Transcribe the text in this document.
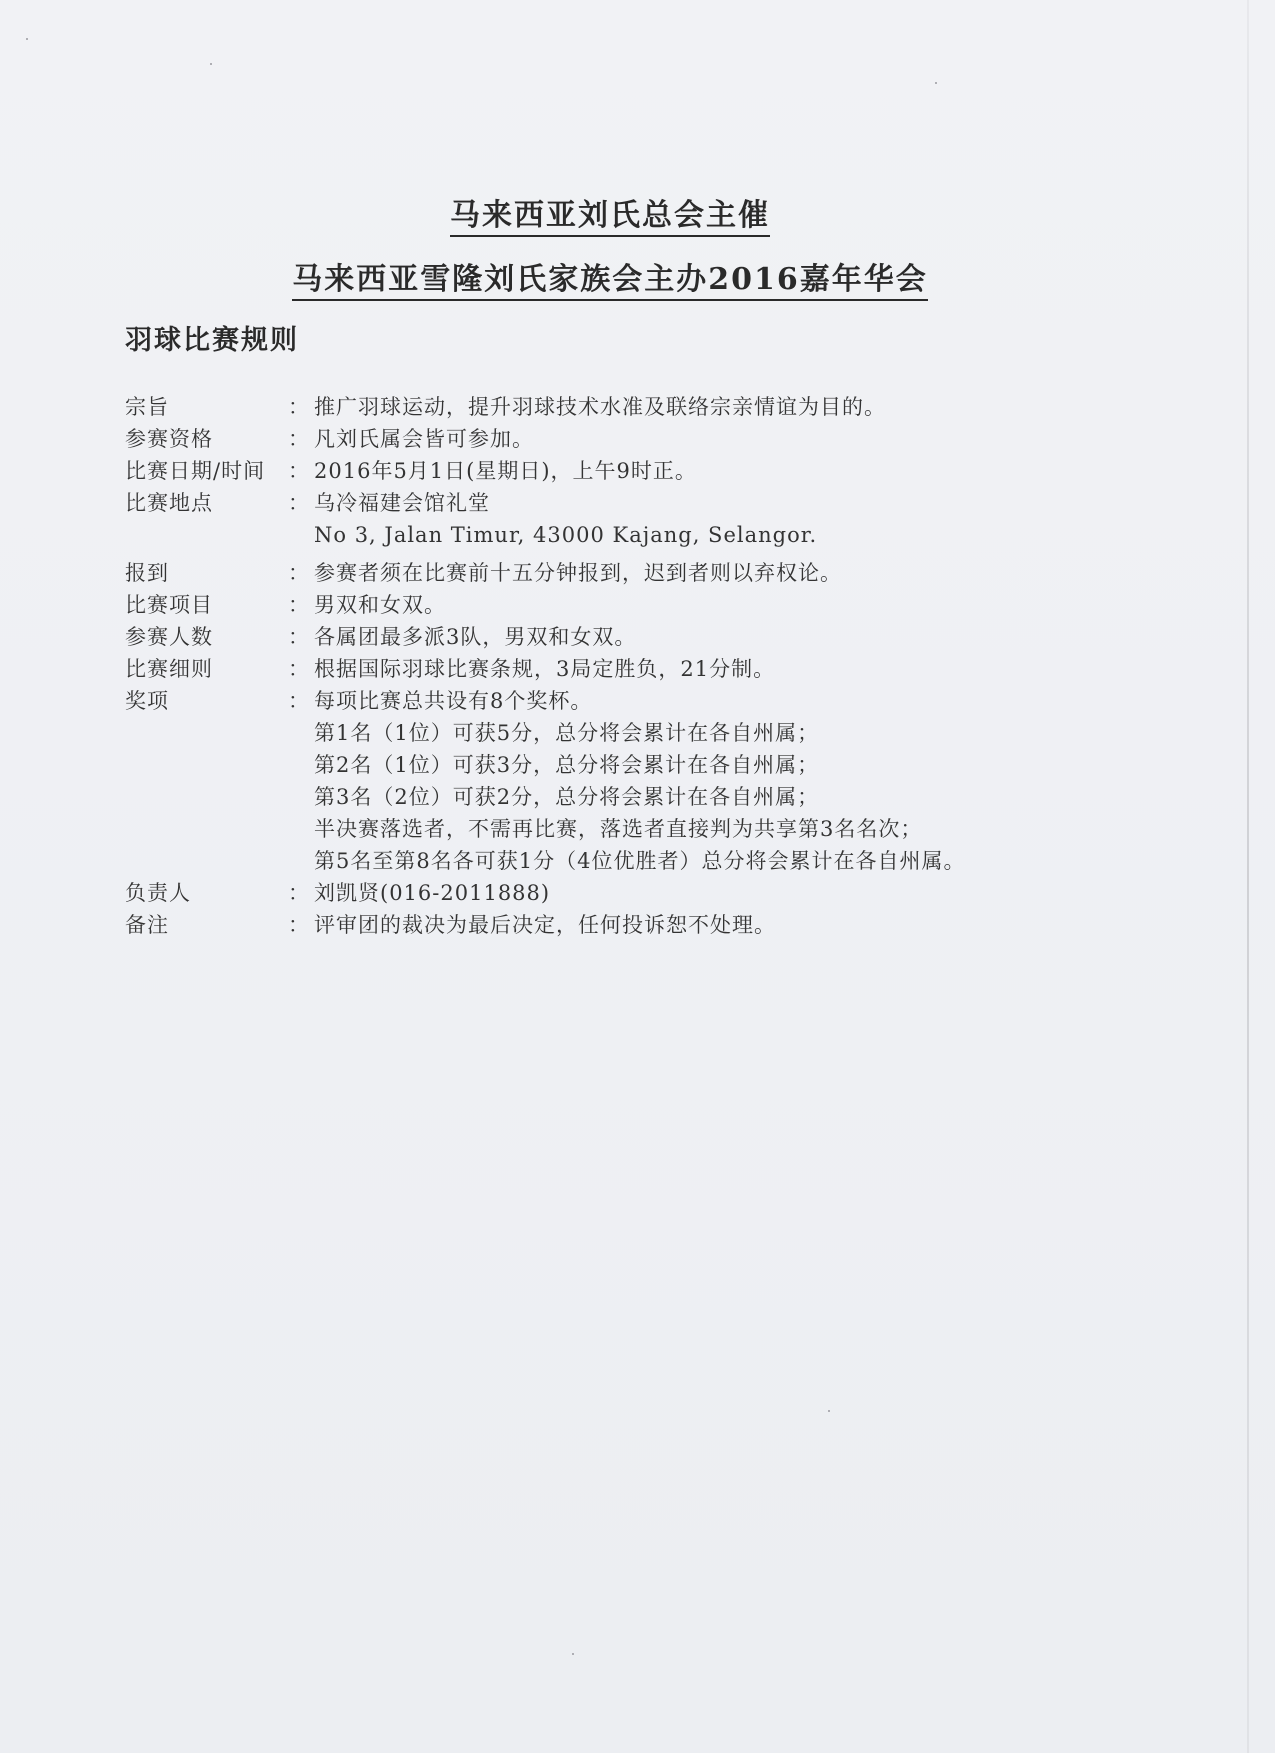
马来西亚刘氏总会主催
马来西亚雪隆刘氏家族会主办2016嘉年华会
羽球比赛规则
宗旨	： 推广羽球运动，提升羽球技术水准及联络宗亲情谊为目的。
参赛资格	： 凡刘氏属会皆可参加。
比赛日期/时间	： 2016年5月1日(星期日)，上午9时正。
比赛地点	： 乌冷福建会馆礼堂
No 3, Jalan Timur, 43000 Kajang, Selangor.
报到	： 参赛者须在比赛前十五分钟报到，迟到者则以弃权论。
比赛项目	： 男双和女双。
参赛人数	： 各属团最多派3队，男双和女双。
比赛细则	： 根据国际羽球比赛条规，3局定胜负，21分制。
奖项	： 每项比赛总共设有8个奖杯。
第1名（1位）可获5分，总分将会累计在各自州属；
第2名（1位）可获3分，总分将会累计在各自州属；
第3名（2位）可获2分，总分将会累计在各自州属；
半决赛落选者，不需再比赛，落选者直接判为共享第3名名次；
第5名至第8名各可获1分（4位优胜者）总分将会累计在各自州属。
负责人	： 刘凯贤(016-2011888)
备注	： 评审团的裁决为最后决定，任何投诉恕不处理。
